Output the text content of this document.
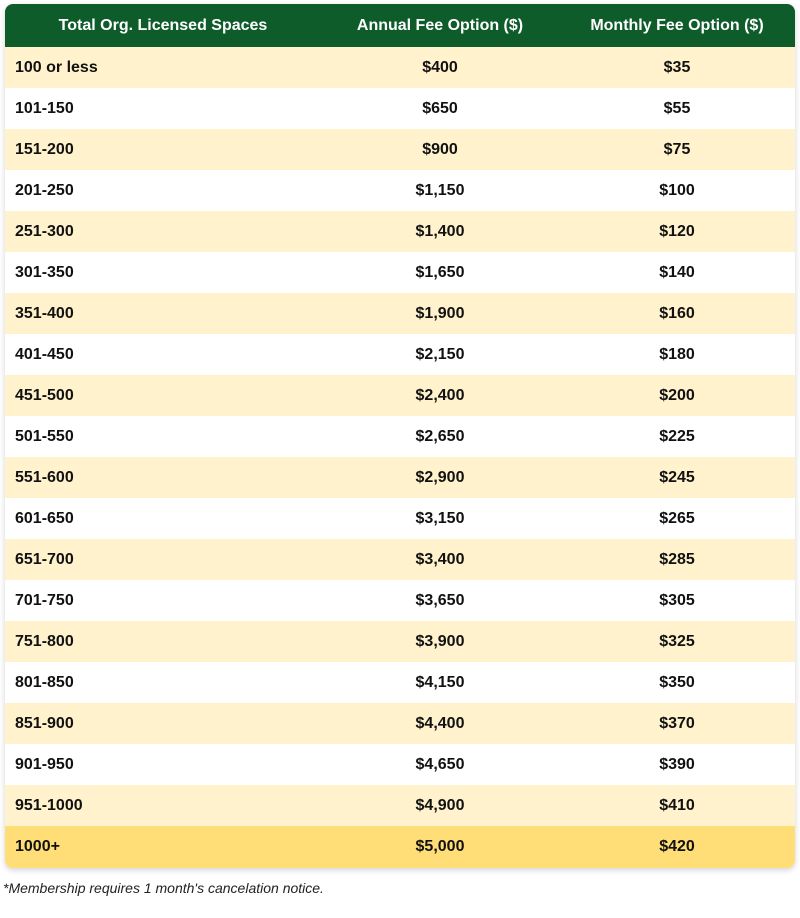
Total Org. Licensed Spaces	Annual Fee Option ($)	Monthly Fee Option ($)
100 or less	$400	$35
101-150	$650	$55
151-200	$900	$75
201-250	$1,150	$100
251-300	$1,400	$120
301-350	$1,650	$140
351-400	$1,900	$160
401-450	$2,150	$180
451-500	$2,400	$200
501-550	$2,650	$225
551-600	$2,900	$245
601-650	$3,150	$265
651-700	$3,400	$285
701-750	$3,650	$305
751-800	$3,900	$325
801-850	$4,150	$350
851-900	$4,400	$370
901-950	$4,650	$390
951-1000	$4,900	$410
1000+	$5,000	$420
*Membership requires 1 month's cancelation notice.
